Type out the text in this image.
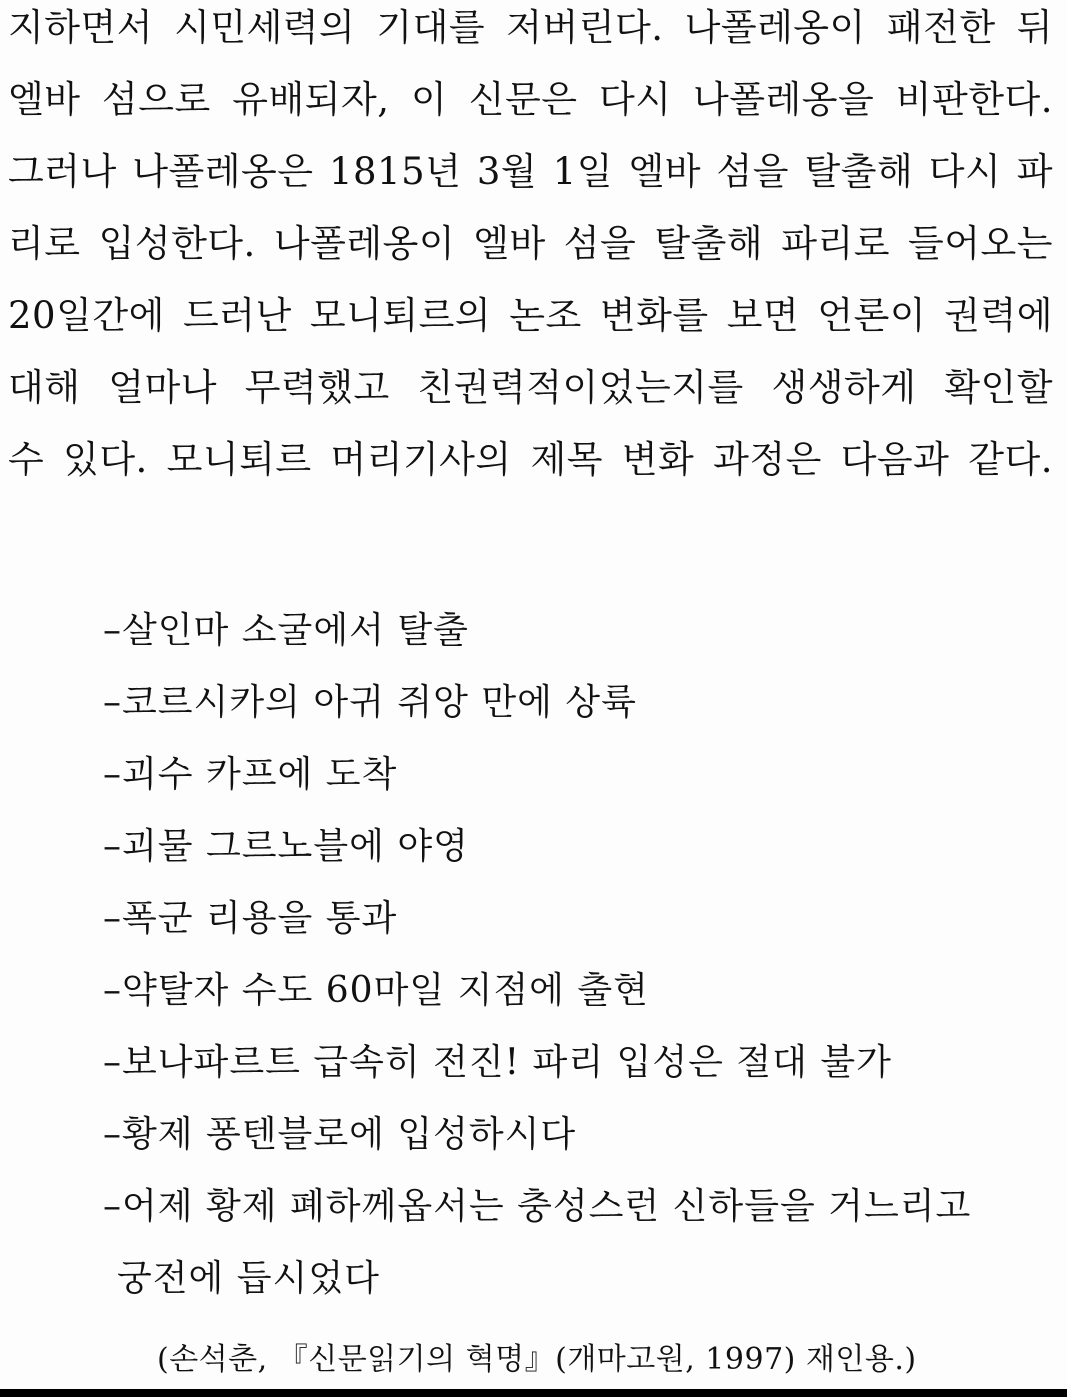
지하면서 시민세력의 기대를 저버린다. 나폴레옹이 패전한 뒤
엘바 섬으로 유배되자, 이 신문은 다시 나폴레옹을 비판한다.
그러나 나폴레옹은 1815년 3월 1일 엘바 섬을 탈출해 다시 파
리로 입성한다. 나폴레옹이 엘바 섬을 탈출해 파리로 들어오는
20일간에 드러난 모니퇴르의 논조 변화를 보면 언론이 권력에
대해 얼마나 무력했고 친권력적이었는지를 생생하게 확인할
수 있다. 모니퇴르 머리기사의 제목 변화 과정은 다음과 같다.
–살인마 소굴에서 탈출
–코르시카의 아귀 쥐앙 만에 상륙
–괴수 카프에 도착
–괴물 그르노블에 야영
–폭군 리용을 통과
–약탈자 수도 60마일 지점에 출현
–보나파르트 급속히 전진! 파리 입성은 절대 불가
–황제 퐁텐블로에 입성하시다
–어제 황제 폐하께옵서는 충성스런 신하들을 거느리고
궁전에 듭시었다
(손석춘, 『신문읽기의 혁명』(개마고원, 1997) 재인용.)
